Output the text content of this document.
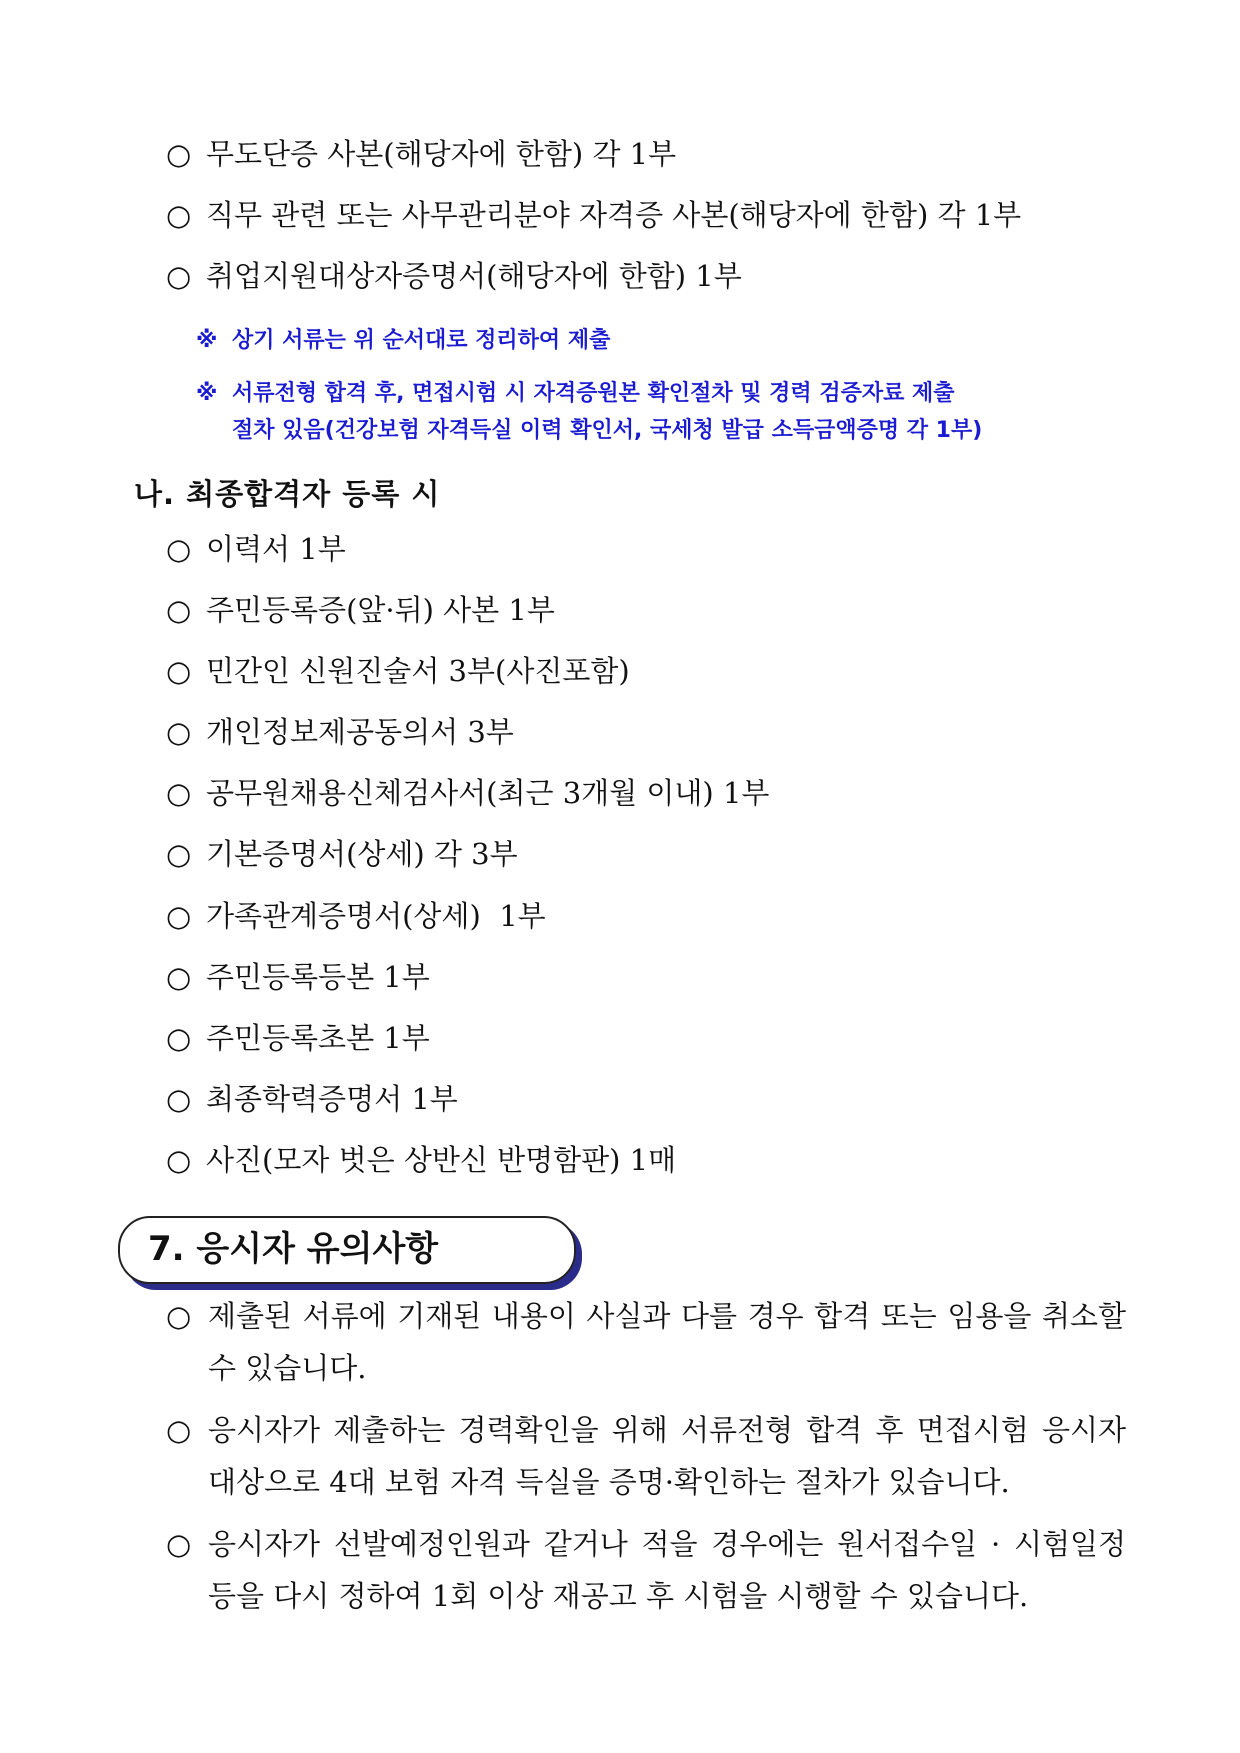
○ 무도단증 사본(해당자에 한함) 각 1부
○ 직무 관련 또는 사무관리분야 자격증 사본(해당자에 한함) 각 1부
○ 취업지원대상자증명서(해당자에 한함) 1부
※ 상기 서류는 위 순서대로 정리하여 제출
※ 서류전형 합격 후, 면접시험 시 자격증원본 확인절차 및 경력 검증자료 제출
절차 있음(건강보험 자격득실 이력 확인서, 국세청 발급 소득금액증명 각 1부)
나. 최종합격자 등록 시
○ 이력서 1부
○ 주민등록증(앞·뒤) 사본 1부
○ 민간인 신원진술서 3부(사진포함)
○ 개인정보제공동의서 3부
○ 공무원채용신체검사서(최근 3개월 이내) 1부
○ 기본증명서(상세) 각 3부
○ 가족관계증명서(상세)  1부
○ 주민등록등본 1부
○ 주민등록초본 1부
○ 최종학력증명서 1부
○ 사진(모자 벗은 상반신 반명함판) 1매
7. 응시자 유의사항
○ 제출된 서류에 기재된 내용이 사실과 다를 경우 합격 또는 임용을 취소할 수 있습니다.
○ 응시자가 제출하는 경력확인을 위해 서류전형 합격 후 면접시험 응시자 대상으로 4대 보험 자격 득실을 증명·확인하는 절차가 있습니다.
○ 응시자가 선발예정인원과 같거나 적을 경우에는 원서접수일 · 시험일정 등을 다시 정하여 1회 이상 재공고 후 시험을 시행할 수 있습니다.
